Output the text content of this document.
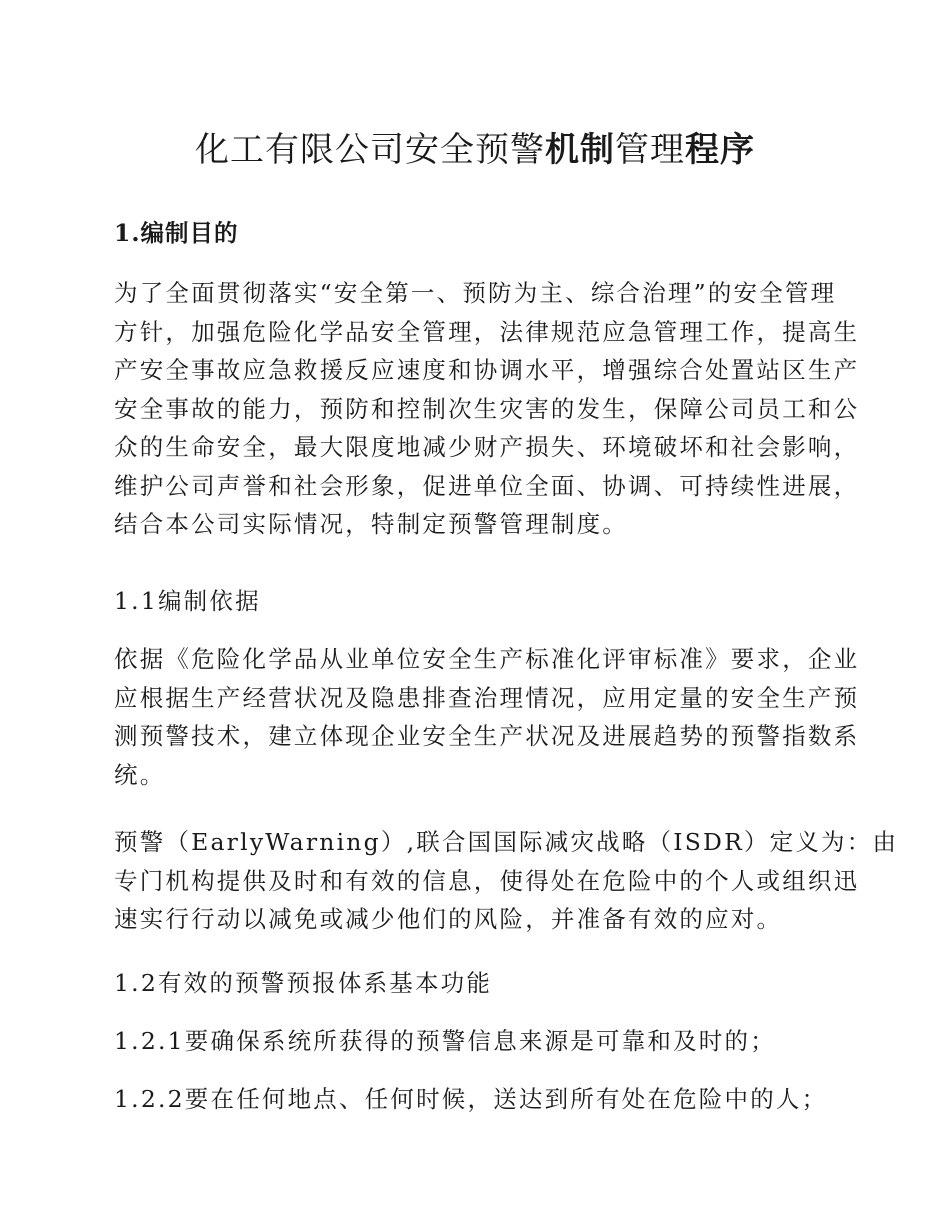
化工有限公司安全预警机制管理程序

1.编制目的

为了全面贯彻落实“安全第一、预防为主、综合治理”的安全管理
方针，加强危险化学品安全管理，法律规范应急管理工作，提高生
产安全事故应急救援反应速度和协调水平，增强综合处置站区生产
安全事故的能力，预防和控制次生灾害的发生，保障公司员工和公
众的生命安全，最大限度地减少财产损失、环境破坏和社会影响，
维护公司声誉和社会形象，促进单位全面、协调、可持续性进展，
结合本公司实际情况，特制定预警管理制度。

1.1编制依据

依据《危险化学品从业单位安全生产标准化评审标准》要求，企业
应根据生产经营状况及隐患排查治理情况，应用定量的安全生产预
测预警技术，建立体现企业安全生产状况及进展趋势的预警指数系
统。
预警（EarlyWarning）,联合国国际减灾战略（ISDR）定义为：由
专门机构提供及时和有效的信息，使得处在危险中的个人或组织迅
速实行行动以减免或减少他们的风险，并准备有效的应对。

1.2有效的预警预报体系基本功能

1.2.1要确保系统所获得的预警信息来源是可靠和及时的；

1.2.2要在任何地点、任何时候，送达到所有处在危险中的人；
